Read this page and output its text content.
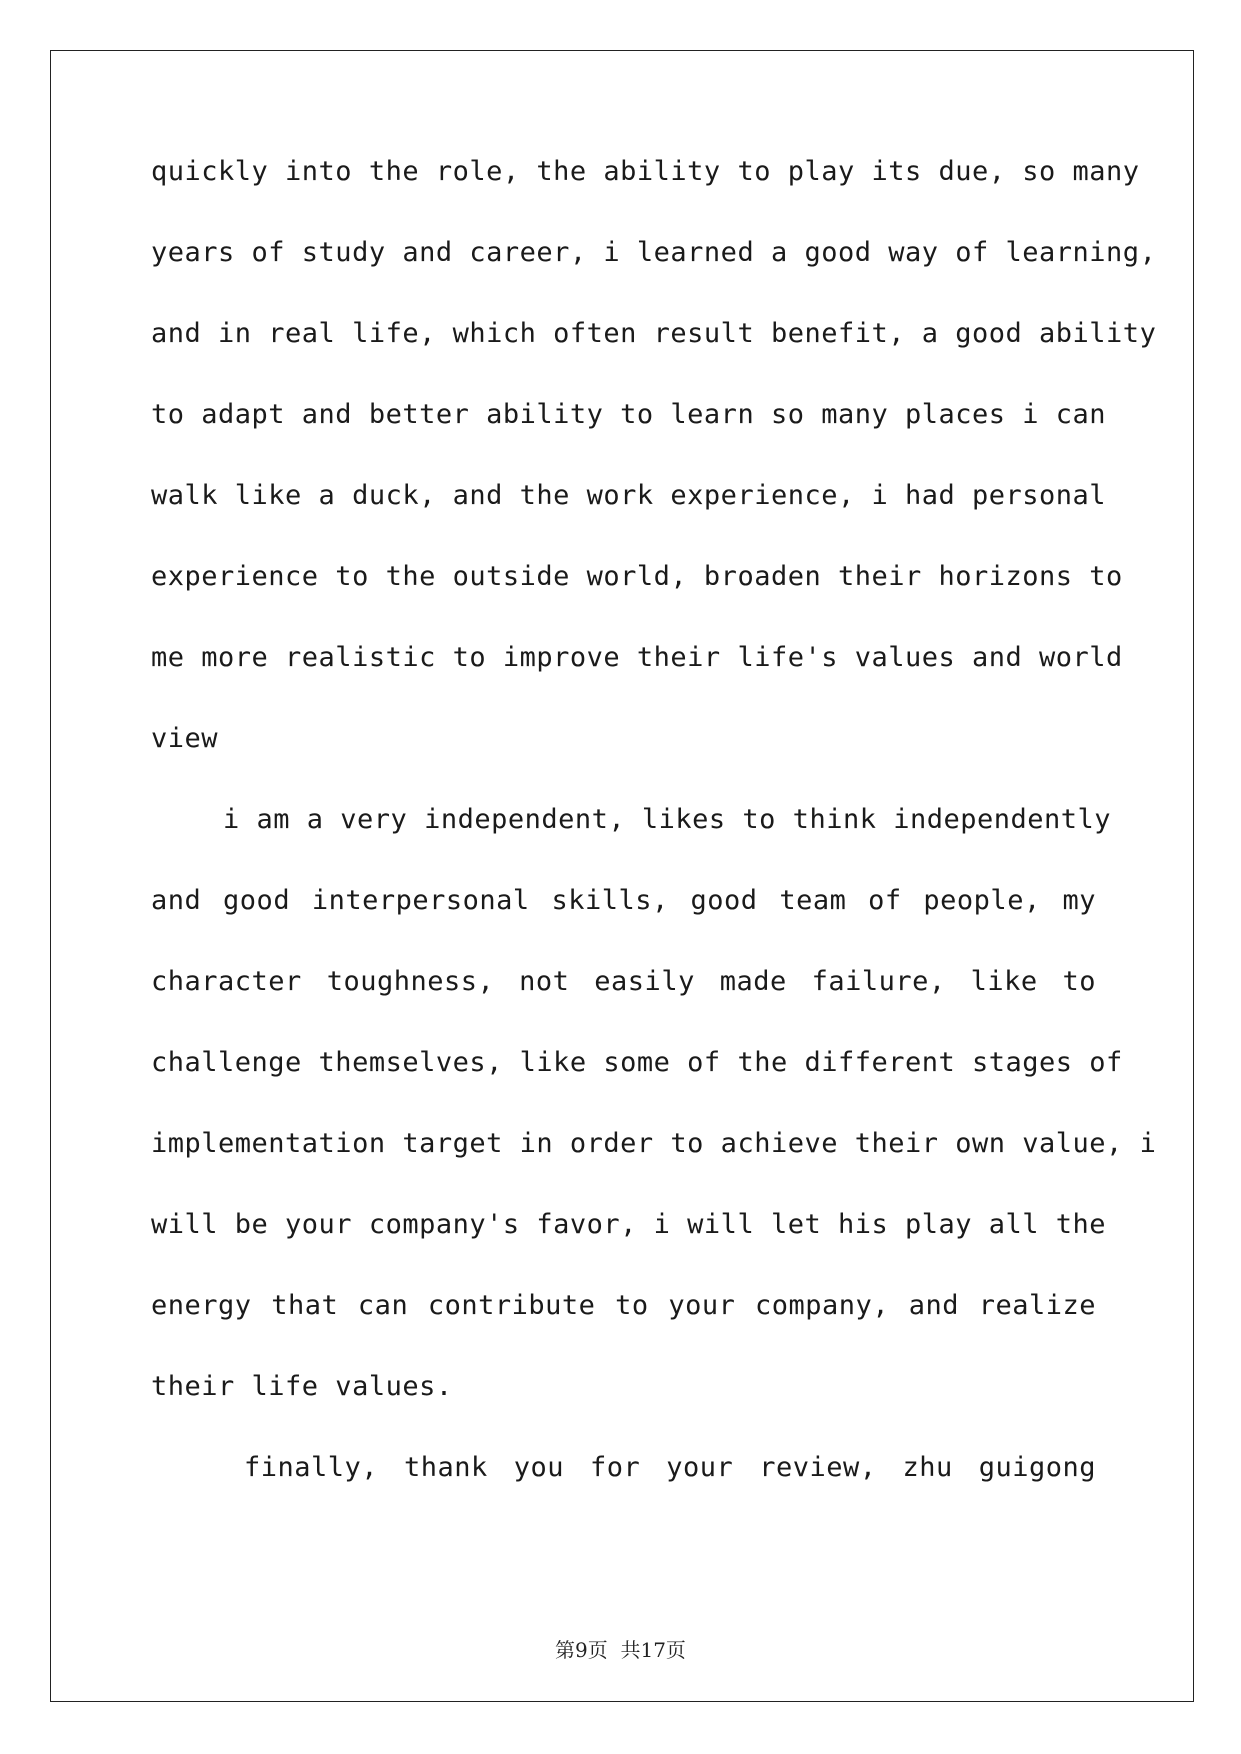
quickly into the role, the ability to play its due, so many
years of study and career, i learned a good way of learning,
and in real life, which often result benefit, a good ability
to adapt and better ability to learn so many places i can
walk like a duck, and the work experience, i had personal
experience to the outside world, broaden their horizons to
me more realistic to improve their life's values and world
view
i am a very independent, likes to think independently
and good interpersonal skills, good team of people, my
character toughness, not easily made failure, like to
challenge themselves, like some of the different stages of
implementation target in order to achieve their own value, i
will be your company's favor, i will let his play all the
energy that can contribute to your company, and realize
their life values.
finally, thank you for your review, zhu guigong
第9页  共17页
